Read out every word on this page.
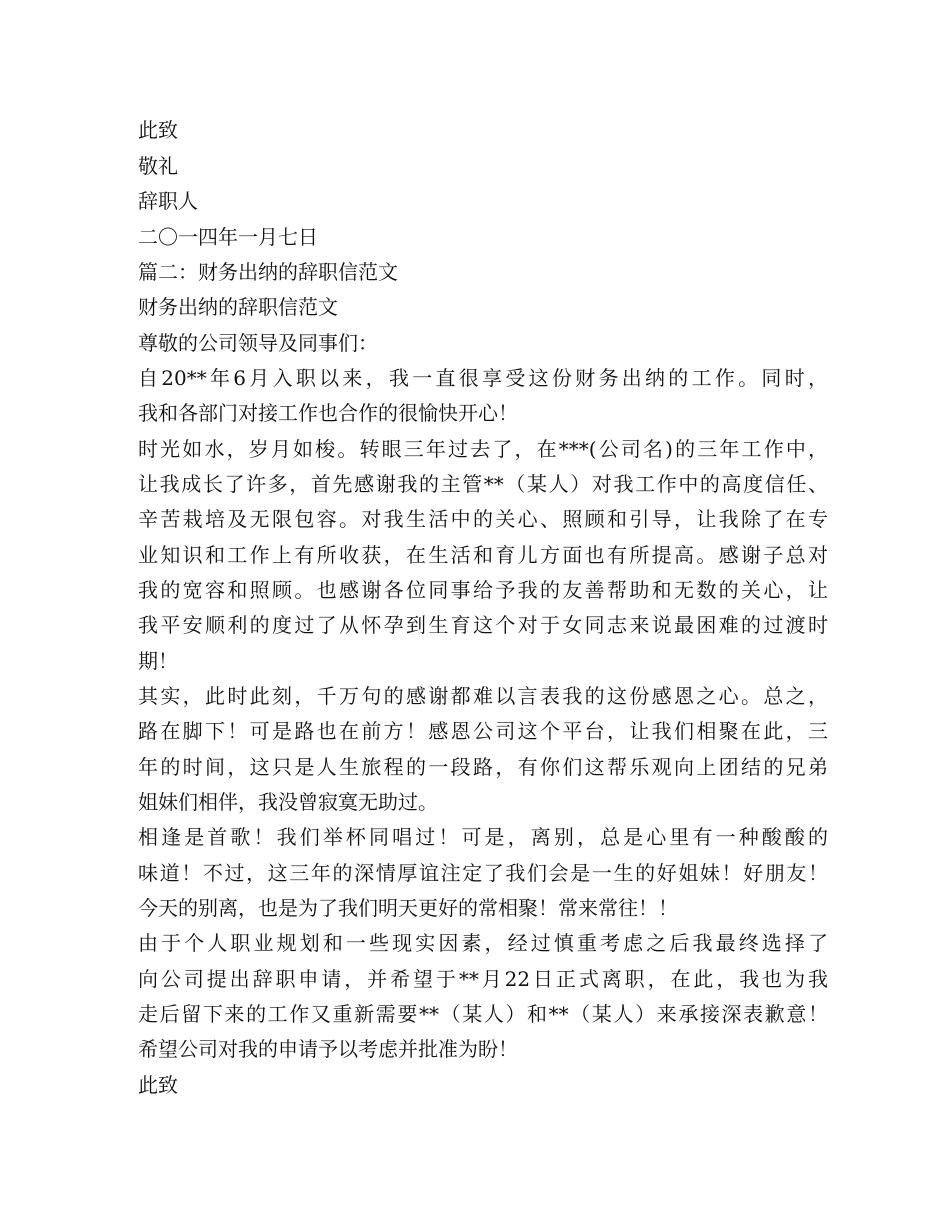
此致
敬礼
辞职人
二〇一四年一月七日
篇二：财务出纳的辞职信范文
财务出纳的辞职信范文
尊敬的公司领导及同事们：
自20**年6月入职以来，我一直很享受这份财务出纳的工作。同时，
我和各部门对接工作也合作的很愉快开心！
时光如水，岁月如梭。转眼三年过去了，在***(公司名)的三年工作中，
让我成长了许多，首先感谢我的主管**（某人）对我工作中的高度信任、
辛苦栽培及无限包容。对我生活中的关心、照顾和引导，让我除了在专
业知识和工作上有所收获，在生活和育儿方面也有所提高。感谢子总对
我的宽容和照顾。也感谢各位同事给予我的友善帮助和无数的关心，让
我平安顺利的度过了从怀孕到生育这个对于女同志来说最困难的过渡时
期！
其实，此时此刻，千万句的感谢都难以言表我的这份感恩之心。总之，
路在脚下！可是路也在前方！感恩公司这个平台，让我们相聚在此，三
年的时间，这只是人生旅程的一段路，有你们这帮乐观向上团结的兄弟
姐妹们相伴，我没曾寂寞无助过。
相逢是首歌！我们举杯同唱过！可是，离别，总是心里有一种酸酸的
味道！不过，这三年的深情厚谊注定了我们会是一生的好姐妹！好朋友！
今天的别离，也是为了我们明天更好的常相聚！常来常往！！
由于个人职业规划和一些现实因素，经过慎重考虑之后我最终选择了
向公司提出辞职申请，并希望于**月22日正式离职，在此，我也为我
走后留下来的工作又重新需要**（某人）和**（某人）来承接深表歉意！
希望公司对我的申请予以考虑并批准为盼！
此致
